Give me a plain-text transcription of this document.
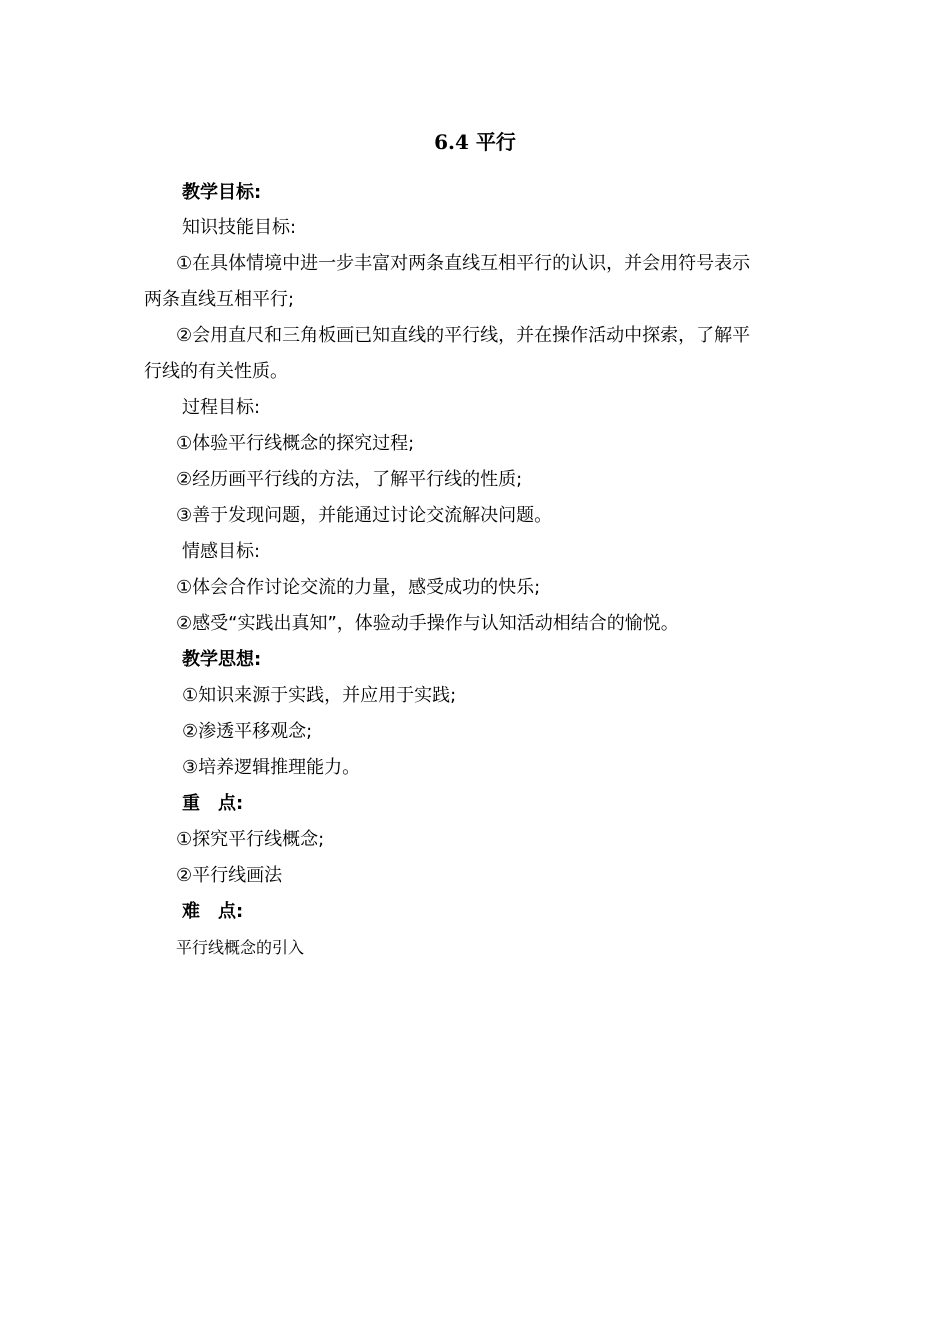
6.4 平行

教学目标:

知识技能目标:

①在具体情境中进一步丰富对两条直线互相平行的认识，并会用符号表示

两条直线互相平行;

②会用直尺和三角板画已知直线的平行线，并在操作活动中探索，了解平

行线的有关性质。

过程目标:

①体验平行线概念的探究过程;

②经历画平行线的方法，了解平行线的性质;

③善于发现问题，并能通过讨论交流解决问题。

情感目标:

①体会合作讨论交流的力量，感受成功的快乐;

②感受“实践出真知”，体验动手操作与认知活动相结合的愉悦。

教学思想:

①知识来源于实践，并应用于实践;

②渗透平移观念;

③培养逻辑推理能力。

重　点:

①探究平行线概念;

②平行线画法

难　点:

平行线概念的引入
